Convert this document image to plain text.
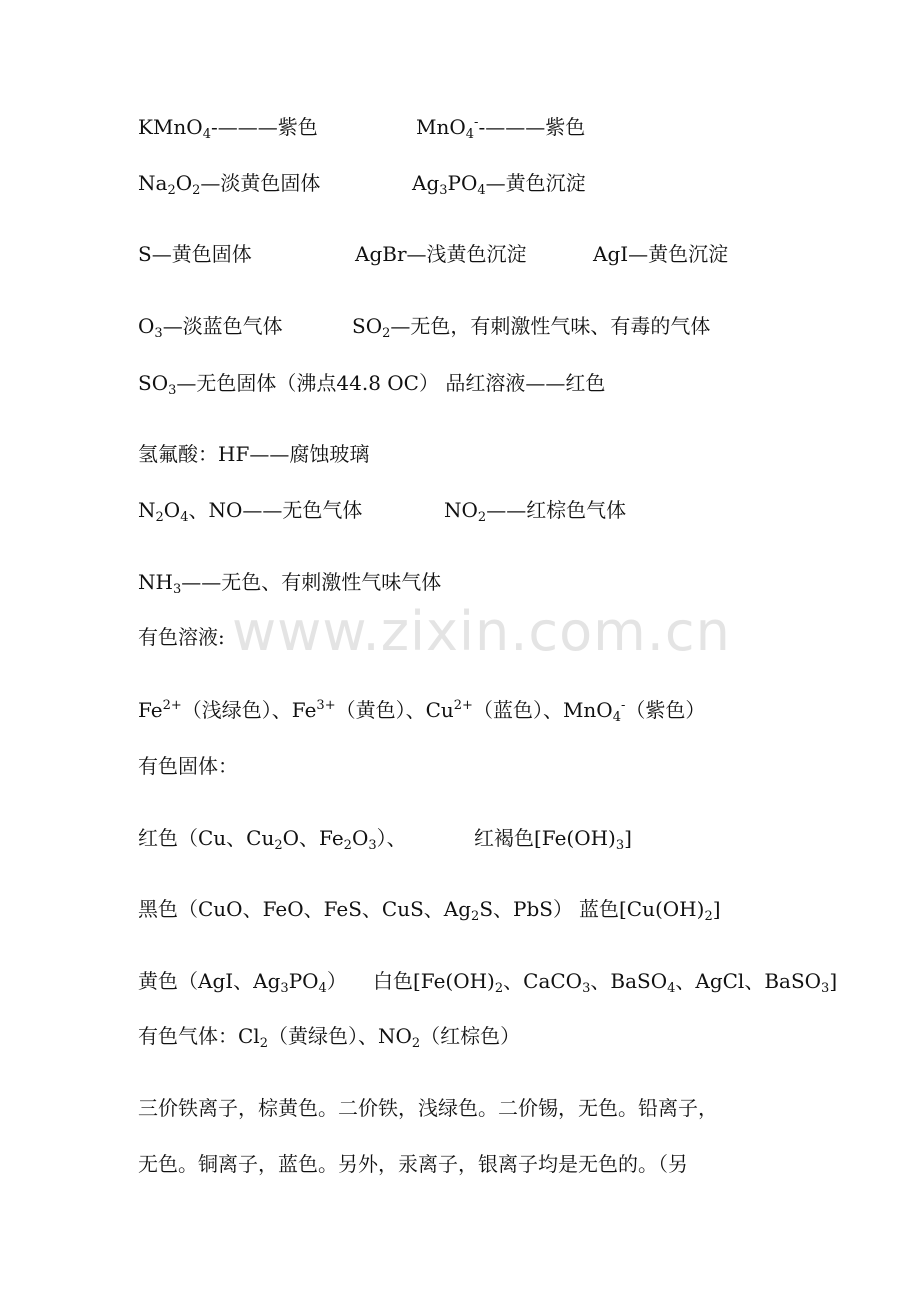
www.zixin.com.cn
KMnO$_4$-———紫色	MnO$_4$--———紫色
$Na_2O_2—$淡黄色固体	$Ag_3PO_4—$黄色沉淀
S—黄色固体	AgBr—浅黄色沉淀	AgI—黄色沉淀
$O_3—$淡蓝色气体	$SO_2—$无色，有刺激性气味、有毒的气体
$SO_3—$无色固体（沸点44.8 OC） 品红溶液——红色
氢氟酸：HF——腐蚀玻璃
$N_2O_4$、NO——无色气体	$NO_2——$红棕色气体
$NH_3——$无色、有刺激性气味气体
有色溶液:
$Fe^{2+}$（浅绿色）、$Fe^{3+}$（黄色）、$Cu^{2+}$（蓝色）、MnO$_4$-（紫色）
有色固体：
红色（Cu、$Cu_2O$、$Fe_2O_3$）、	红褐色$[Fe(OH)_3]$
黑色（CuO、FeO、FeS、CuS、$Ag_2S$、PbS） 蓝色$[Cu(OH)_2]$
黄色（AgI、$Ag_3PO_4$） 白色[$Fe(OH)_2$、CaCO$_3$、BaSO$_4$、AgCl、BaSO$_3$]
有色气体：$Cl_2$（黄绿色）、$NO_2$（红棕色）
三价铁离子，棕黄色。二价铁，浅绿色。二价锡，无色。铅离子，
无色。铜离子，蓝色。另外，汞离子，银离子均是无色的。（另
